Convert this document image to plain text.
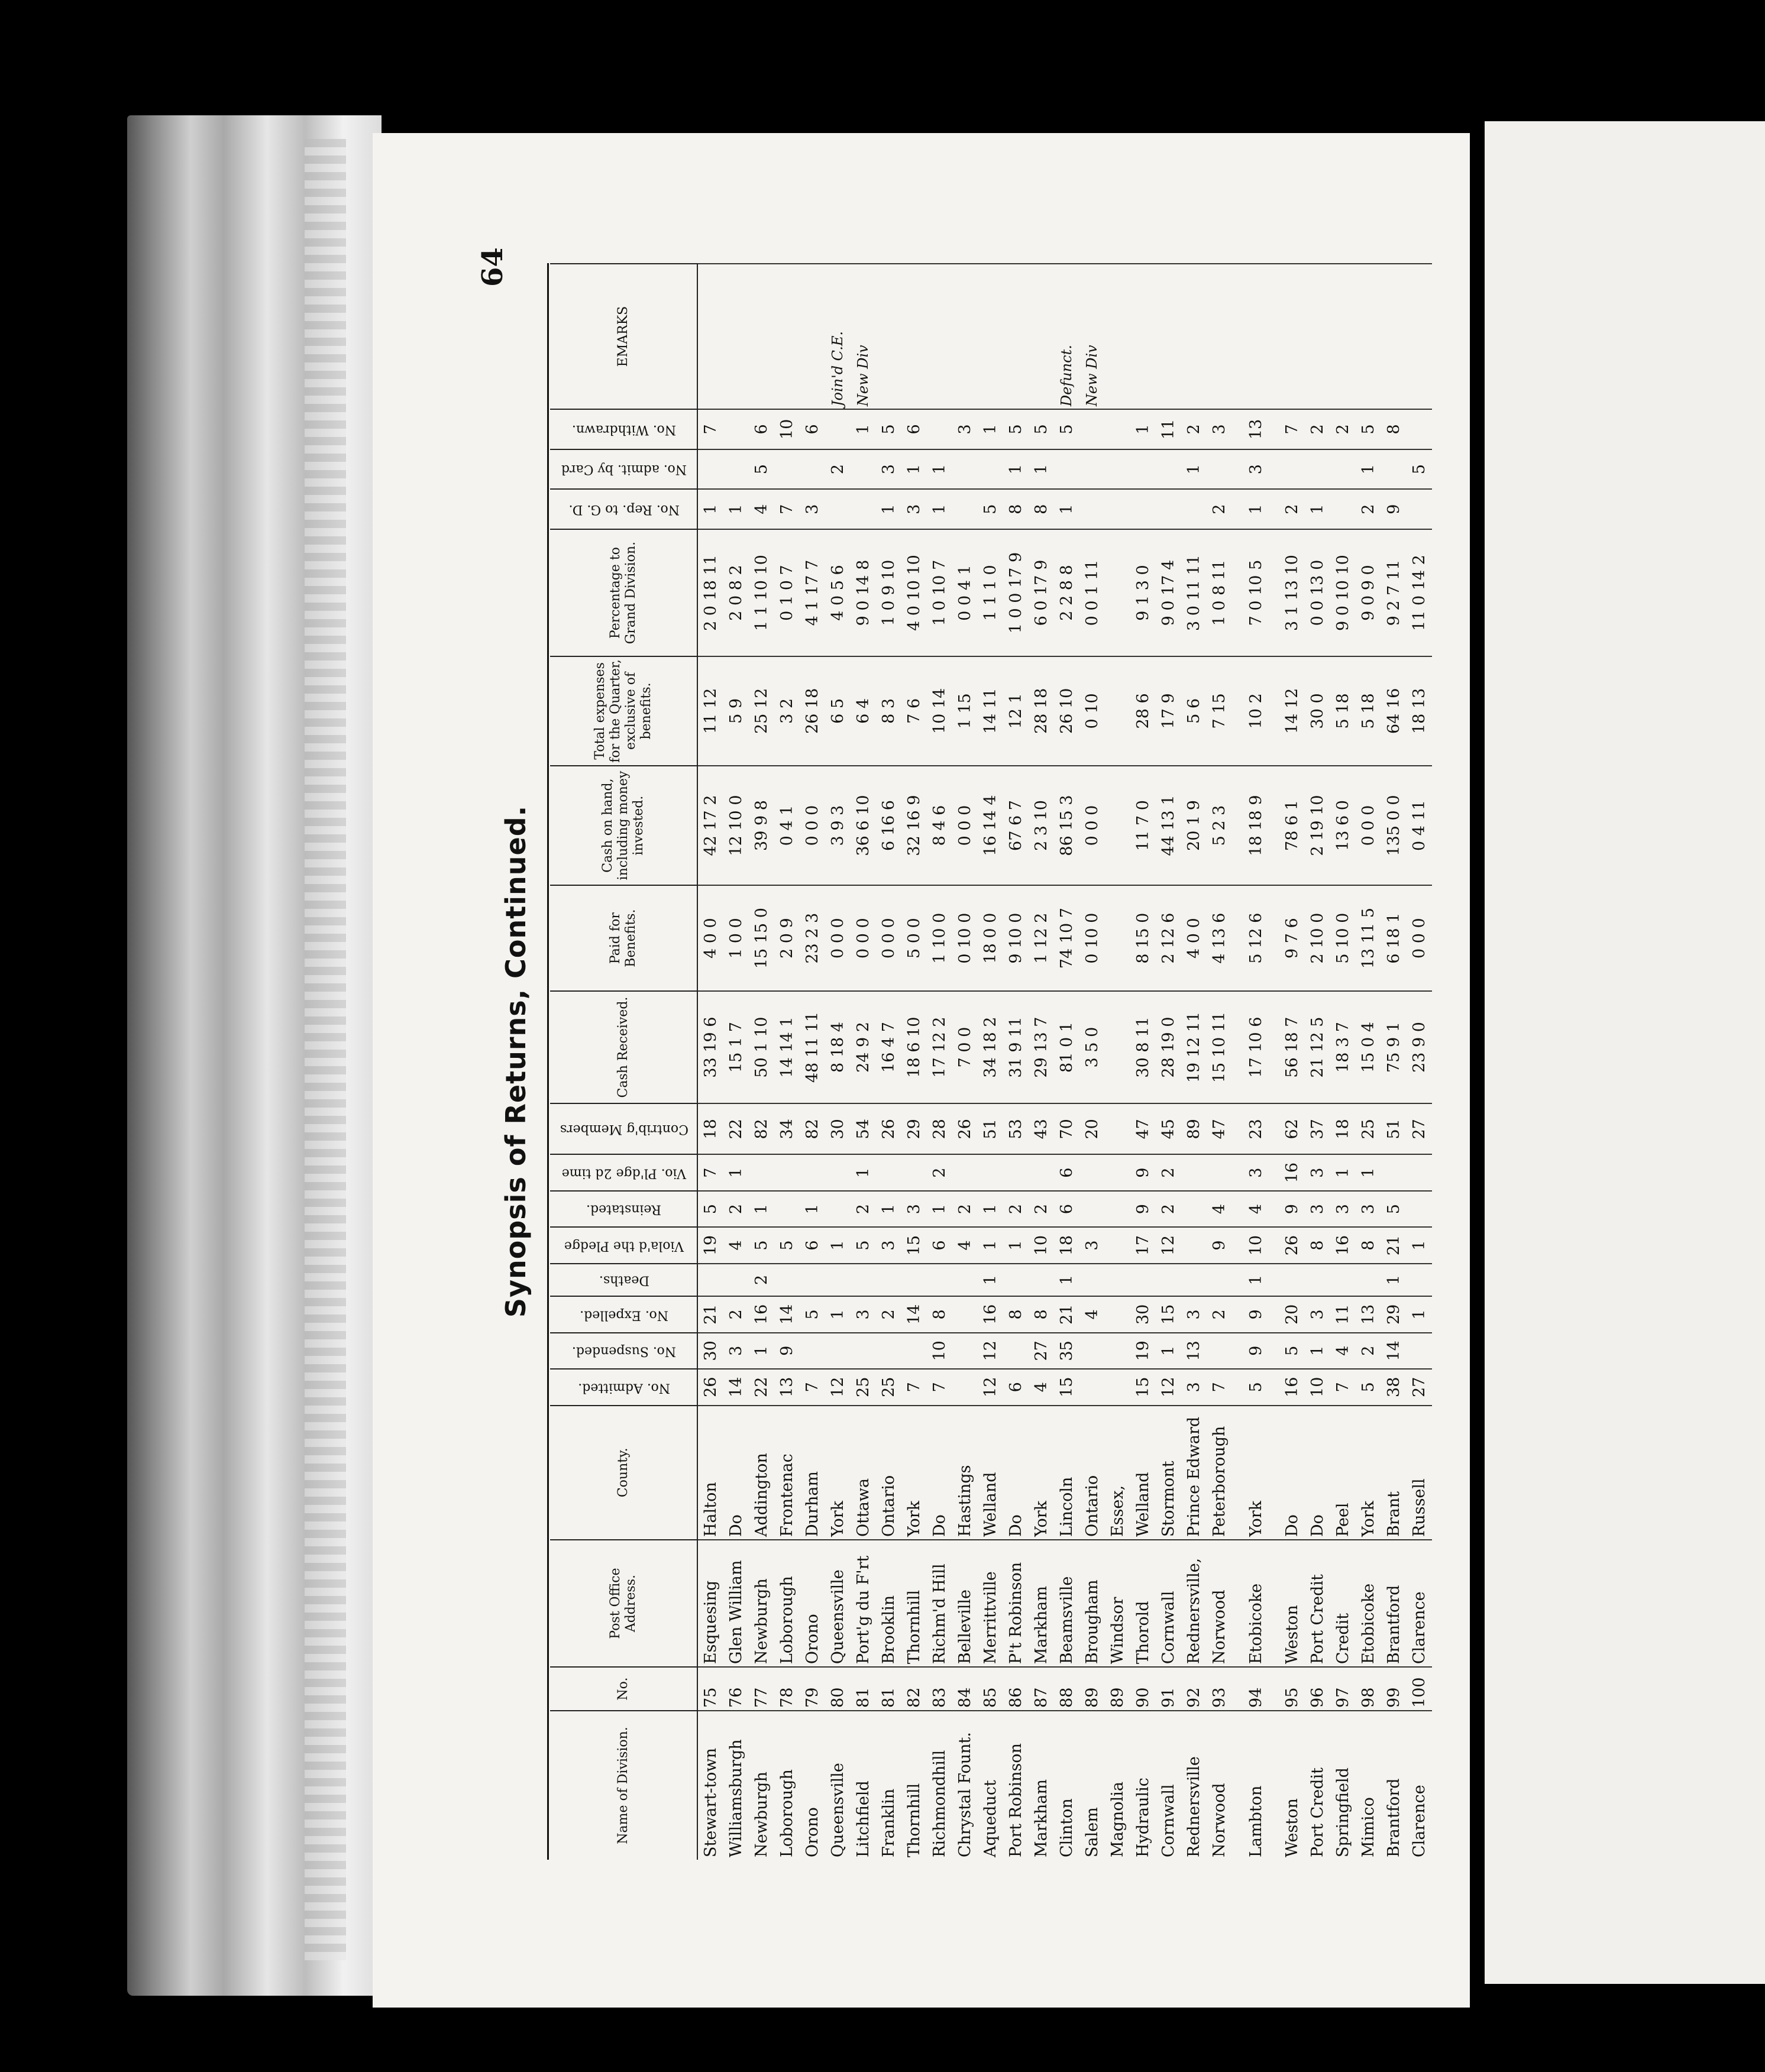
64
Synopsis of Returns, Continued.
Name of Division.	No.	Post Office Address.	County.	No. Admitted.	No. Suspended.	No. Expelled.	Deaths.	Viola'd the Pledge	Reinstated.	Vio. Pl'dge 2d time	Contrib'g Members	Cash Received.	Paid for Benefits.	Cash on hand, including money invested.	Total expenses for the Quarter, exclusive of benefits.	Percentage to Grand Division.	No. Rep. to G. D.	No. admit. by Card	No. Withdrawn.	EMARKS
Stewart-town	75	Esquesing	Halton	26	30	21		19	5	7	18	33 19 6	4 0 0	42 17 2	11 12	2 0 18 11	1		7	
Williamsburgh	76	Glen William	Do	14	3	2		4	2	1	22	15 1 7	1 0 0	12 10 0	5 9	2 0 8 2	1			
Newburgh	77	Newburgh	Addington	22	1	16	2	5	1		82	50 1 10	15 15 0	39 9 8	25 12	1 1 10 10	4	5	6	
Loborough	78	Loborough	Frontenac	13	9	14		5			34	14 14 1	2 0 9	0 4 1	3 2	0 1 0 7	7		10	
Orono	79	Orono	Durham	7		5		6	1		82	48 11 11	23 2 3	0 0 0	26 18	4 1 17 7	3		6	
Queensville	80	Queensville	York	12		1		1			30	8 18 4	0 0 0	3 9 3	6 5	4 0 5 6		2		Join'd C.E.
Litchfield	81	Port'g du F'rt	Ottawa	25		3		5	2	1	54	24 9 2	0 0 0	36 6 10	6 4	9 0 14 8			1	New Div
Franklin	81	Brooklin	Ontario	25		2		3	1		26	16 4 7	0 0 0	6 16 6	8 3	1 0 9 10	1	3	5	
Thornhill	82	Thornhill	York	7		14		15	3		29	18 6 10	5 0 0	32 16 9	7 6	4 0 10 10	3	1	6	
Richmondhill	83	Richm'd Hill	Do	7	10	8		6	1	2	28	17 12 2	1 10 0	8 4 6	10 14	1 0 10 7	1	1		
Chrystal Fount.	84	Belleville	Hastings					4	2		26	7 0 0	0 10 0	0 0 0	1 15	0 0 4 1			3	
Aqueduct	85	Merrittville	Welland	12	12	16	1	1	1		51	34 18 2	18 0 0	16 14 4	14 11	1 1 1 0	5		1	
Port Robinson	86	P't Robinson	Do	6		8		1	2		53	31 9 11	9 10 0	67 6 7	12 1	1 0 0 17 9	8	1	5	
Markham	87	Markham	York	4	27	8		10	2		43	29 13 7	1 12 2	2 3 10	28 18	6 0 17 9	8	1	5	
Clinton	88	Beamsville	Lincoln	15	35	21	1	18	6	6	70	81 0 1	74 10 7	86 15 3	26 10	2 2 8 8	1		5	Defunct.
Salem	89	Brougham	Ontario			4		3			20	3 5 0	0 10 0	0 0 0	0 10	0 0 1 11				New Div
Magnolia	89	Windsor	Essex,																	
Hydraulic	90	Thorold	Welland	15	19	30		17	9	9	47	30 8 11	8 15 0	11 7 0	28 6	9 1 3 0			1	
Cornwall	91	Cornwall	Stormont	12	1	15		12	2	2	45	28 19 0	2 12 6	44 13 1	17 9	9 0 17 4			11	
Rednersville	92	Rednersville,	Prince Edward	3	13	3					89	19 12 11	4 0 0	20 1 9	5 6	3 0 11 11		1	2	
Norwood	93	Norwood	Peterborough	7		2		9	4		47	15 10 11	4 13 6	5 2 3	7 15	1 0 8 11	2		3	
Lambton	94	Etobicoke	York	5	9	9	1	10	4	3	23	17 10 6	5 12 6	18 18 9	10 2	7 0 10 5	1	3	13	
Weston	95	Weston	Do	16	5	20		26	9	16	62	56 18 7	9 7 6	78 6 1	14 12	3 1 13 10	2		7	
Port Credit	96	Port Credit	Do	10	1	3		8	3	3	37	21 12 5	2 10 0	2 19 10	30 0	0 0 13 0	1		2	
Springfield	97	Credit	Peel	7	4	11		16	3	1	18	18 3 7	5 10 0	13 6 0	5 18	9 0 10 10			2	
Mimico	98	Etobicoke	York	5	2	13		8	3	1	25	15 0 4	13 11 5	0 0 0	5 18	9 0 9 0	2	1	5	
Brantford	99	Brantford	Brant	38	14	29	1	21	5		51	75 9 1	6 18 1	135 0 0	64 16	9 2 7 11	9		8	
Clarence	100	Clarence	Russell	27		1		1			27	23 9 0	0 0 0	0 4 11	18 13	11 0 14 2		5		
